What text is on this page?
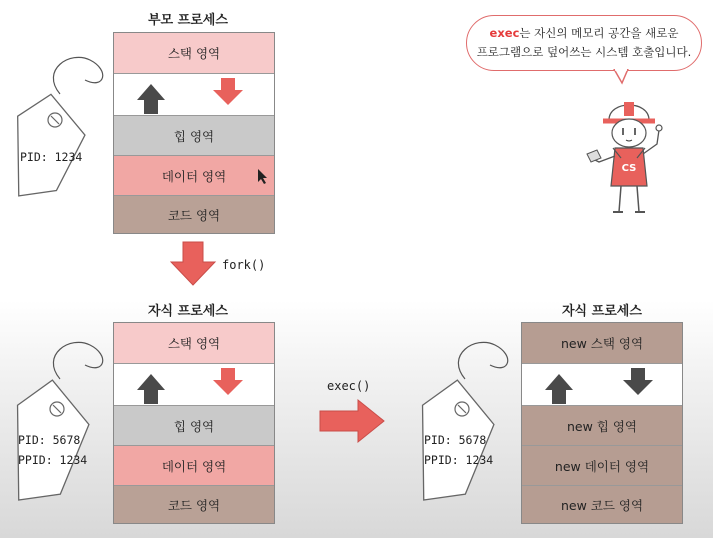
부모 프로세스
스택 영역
힙 영역
데이터 영역
코드 영역
PID: 1234
fork()
자식 프로세스
스택 영역
힙 영역
데이터 영역
코드 영역
PID: 5678
PPID: 1234
exec()
자식 프로세스
new 스택 영역
new 힙 영역
new 데이터 영역
new 코드 영역
PID: 5678
PPID: 1234
exec는 자신의 메모리 공간을 새로운
프로그램으로 덮어쓰는 시스템 호출입니다.
CS
